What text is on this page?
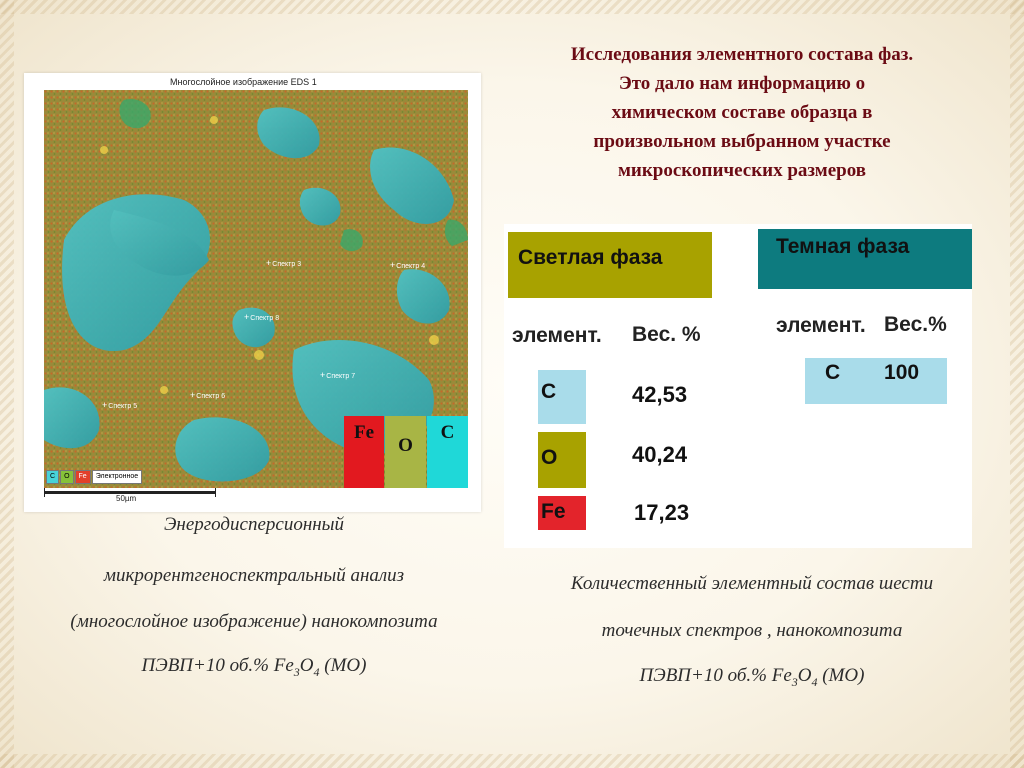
Многослойное изображение EDS 1
+Спектр 3	+Спектр 4
+Спектр 8
+Спектр 7
+Спектр 5
+Спектр 6
Fe
O
C
C	O	Fe	Электронное
50µm
Энергодисперсионный
микрорентгеноспектральный анализ
(многослойное изображение) нанокомпозита
ПЭВП+10 об.% $Fe_3O_4$ (МО)
Исследования элементного состава фаз.
Это дало нам информацию о
химическом составе образца в
произвольном выбранном участке
микроскопических размеров
Светлая фаза	Темная фаза
элемент. Вес. %	элемент. Вес.%
C	42,53
O	40,24
Fe	17,23
C 100
Количественный элементный состав шести
точечных спектров , нанокомпозита
ПЭВП+10 об.% $Fe_3O_4$ (МО)
